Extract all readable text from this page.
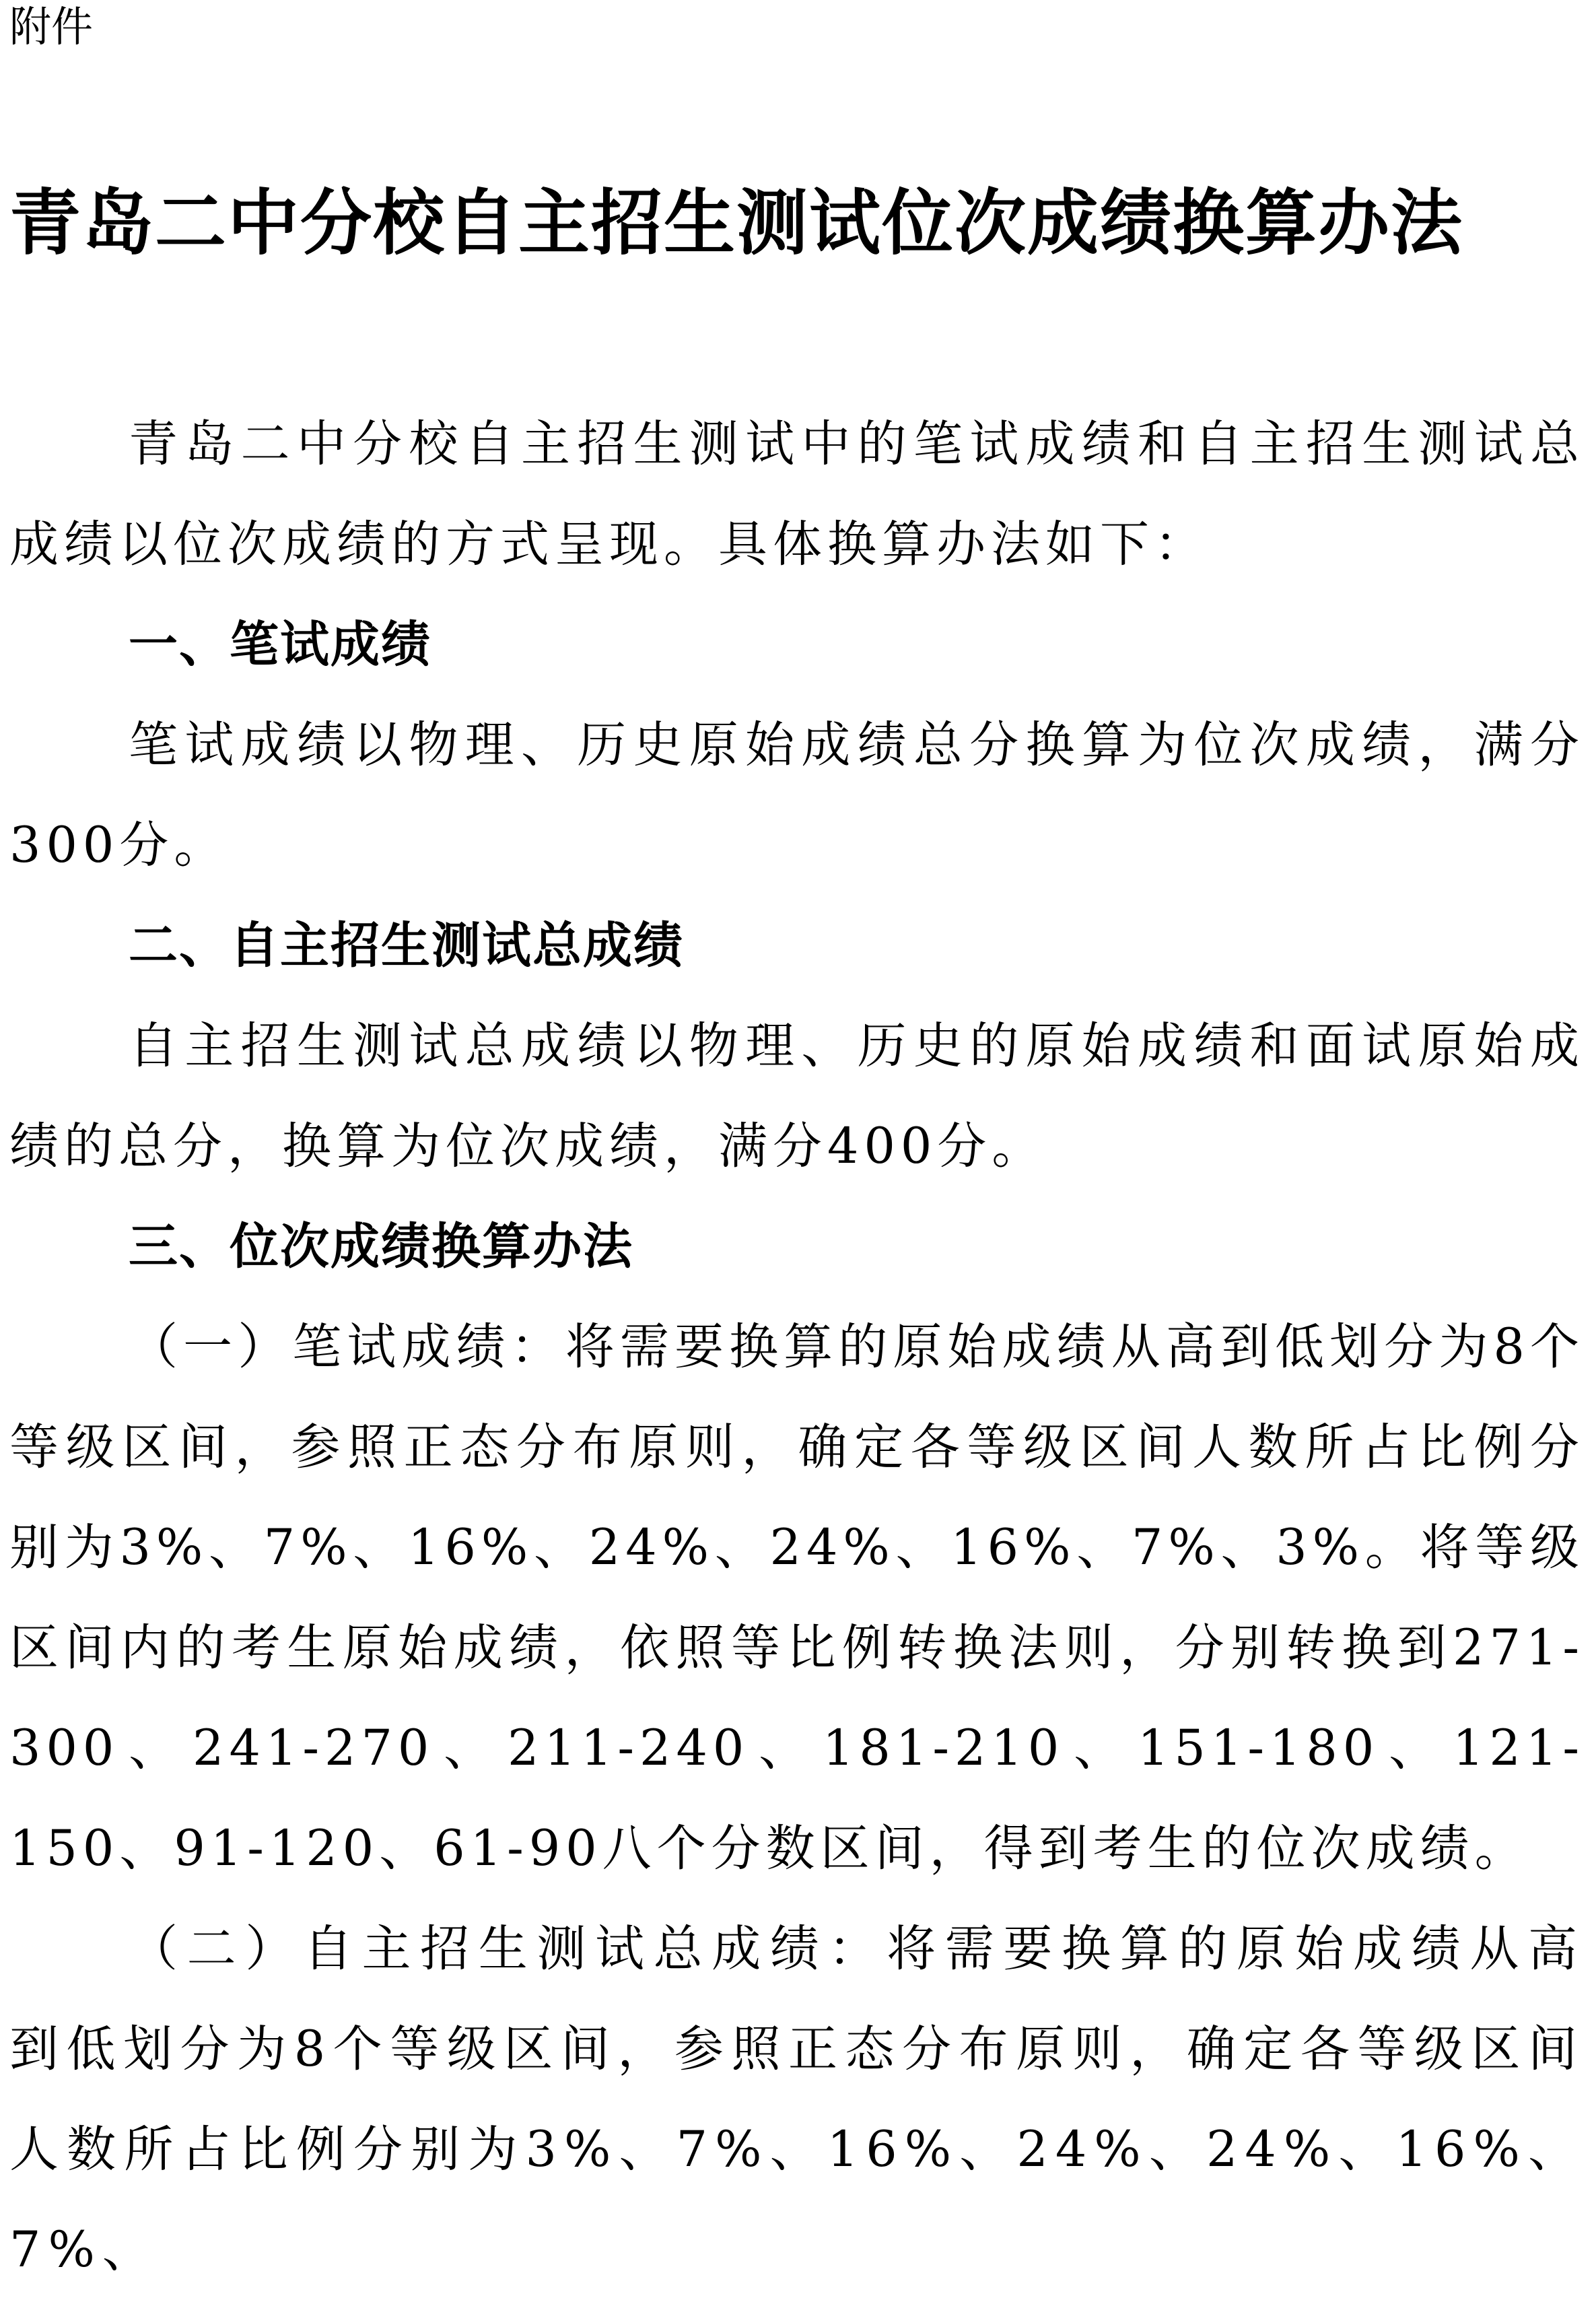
附件

青岛二中分校自主招生测试位次成绩换算办法

青岛二中分校自主招生测试中的笔试成绩和自主招生测试总成绩以位次成绩的方式呈现。具体换算办法如下：

一、笔试成绩

笔试成绩以物理、历史原始成绩总分换算为位次成绩，满分300分。

二、自主招生测试总成绩

自主招生测试总成绩以物理、历史的原始成绩和面试原始成绩的总分，换算为位次成绩，满分400分。

三、位次成绩换算办法

（一）笔试成绩：将需要换算的原始成绩从高到低划分为8个等级区间，参照正态分布原则，确定各等级区间人数所占比例分别为3%、7%、16%、24%、24%、16%、7%、3%。将等级区间内的考生原始成绩，依照等比例转换法则，分别转换到271-300、241-270、211-240、181-210、151-180、121-150、91-120、61-90八个分数区间，得到考生的位次成绩。

（二）自主招生测试总成绩：将需要换算的原始成绩从高到低划分为8个等级区间，参照正态分布原则，确定各等级区间人数所占比例分别为3%、7%、16%、24%、24%、16%、7%、
